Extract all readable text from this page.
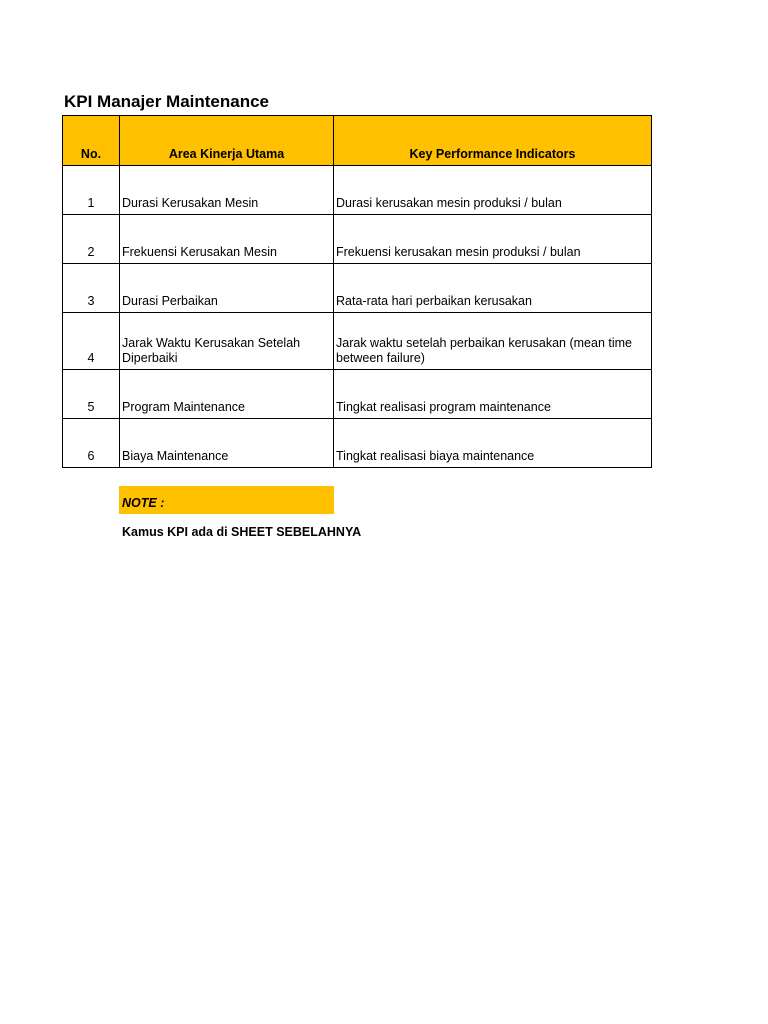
KPI Manajer Maintenance
No.	Area Kinerja Utama	Key Performance Indicators
1	Durasi Kerusakan Mesin	Durasi kerusakan mesin produksi / bulan
2	Frekuensi Kerusakan Mesin	Frekuensi kerusakan mesin produksi / bulan
3	Durasi Perbaikan	Rata-rata hari perbaikan kerusakan
4	Jarak Waktu Kerusakan Setelah Diperbaiki	Jarak waktu setelah perbaikan kerusakan (mean time between failure)
5	Program Maintenance	Tingkat realisasi program maintenance
6	Biaya Maintenance	Tingkat realisasi biaya maintenance
NOTE :
Kamus KPI ada di SHEET SEBELAHNYA
